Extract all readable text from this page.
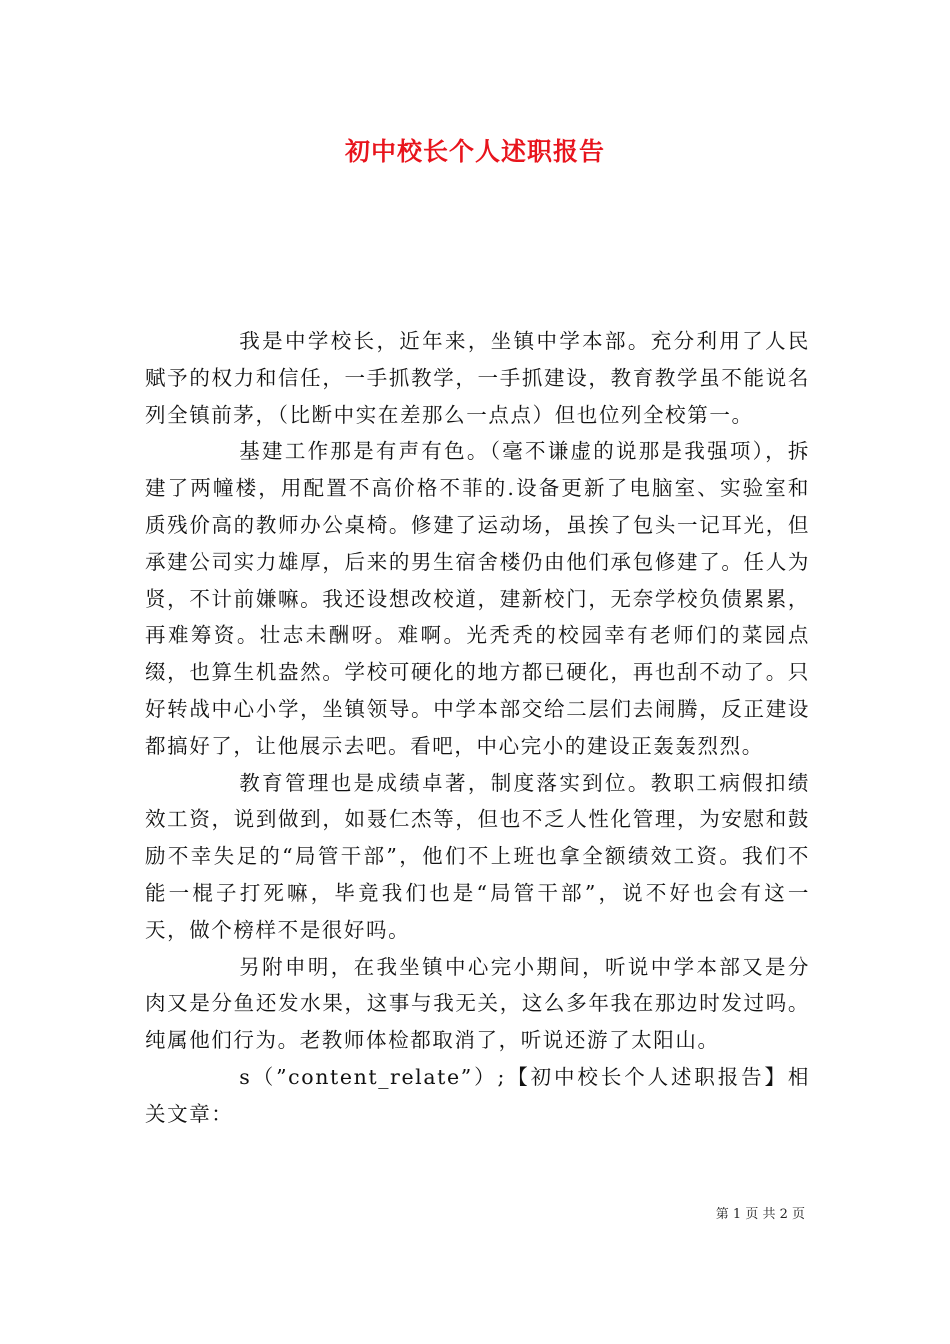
初中校长个人述职报告

我是中学校长，近年来，坐镇中学本部。充分利用了人民赋予的权力和信任，一手抓教学，一手抓建设，教育教学虽不能说名列全镇前茅，（比断中实在差那么一点点）但也位列全校第一。

基建工作那是有声有色。（毫不谦虚的说那是我强项），拆建了两幢楼，用配置不高价格不菲的.设备更新了电脑室、实验室和质残价高的教师办公桌椅。修建了运动场，虽挨了包头一记耳光，但承建公司实力雄厚，后来的男生宿舍楼仍由他们承包修建了。任人为贤，不计前嫌嘛。我还设想改校道，建新校门，无奈学校负债累累，再难筹资。壮志未酬呀。难啊。光秃秃的校园幸有老师们的菜园点缀，也算生机盎然。学校可硬化的地方都已硬化，再也刮不动了。只好转战中心小学，坐镇领导。中学本部交给二层们去闹腾，反正建设都搞好了，让他展示去吧。看吧，中心完小的建设正轰轰烈烈。

教育管理也是成绩卓著，制度落实到位。教职工病假扣绩效工资，说到做到，如聂仁杰等，但也不乏人性化管理，为安慰和鼓励不幸失足的“局管干部”，他们不上班也拿全额绩效工资。我们不能一棍子打死嘛，毕竟我们也是“局管干部”，说不好也会有这一天，做个榜样不是很好吗。

另附申明，在我坐镇中心完小期间，听说中学本部又是分肉又是分鱼还发水果，这事与我无关，这么多年我在那边时发过吗。纯属他们行为。老教师体检都取消了，听说还游了太阳山。

s（”content_relate”）;【初中校长个人述职报告】相关文章：

第 1 页 共 2 页
